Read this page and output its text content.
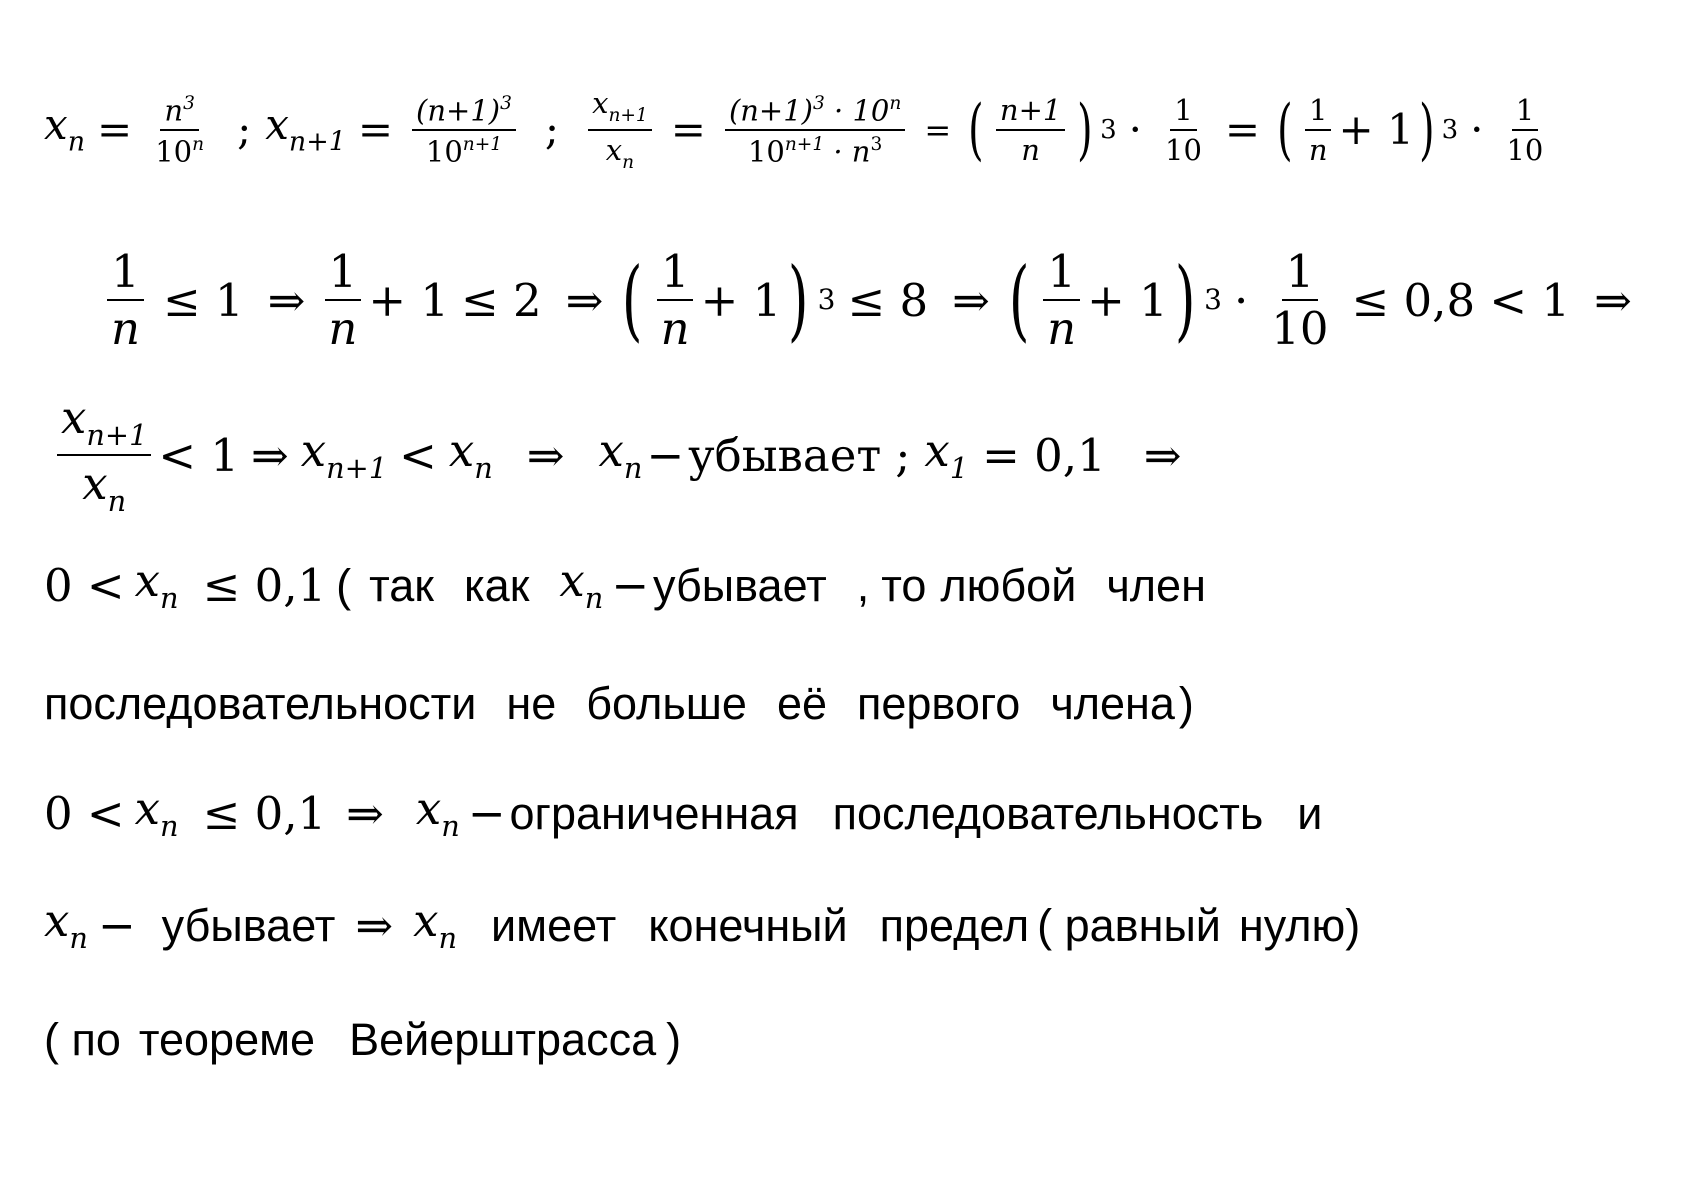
$x_n = \frac{n^3}{10^n}$ ; $x_{n+1} = \frac{(n+1)^3}{10^{n+1}}$ ; $\frac{x_{n+1}}{x_n} = \frac{(n+1)^3 \cdot 10^n}{10^{n+1} \cdot n^3}$ = ( $\frac{n+1}{n}$ ) $3 \cdot \frac{1}{10}$ = ( $\frac{1}{n} + 1$ ) $3 \cdot \frac{1}{10}$
$\frac{1}{n} \le 1$ ⇒ $\frac{1}{n} + 1 \le 2$ ⇒ ( $\frac{1}{n} + 1$ ) 3 ≤ 8 ⇒ ( $\frac{1}{n} + 1$ ) $3 \cdot \frac{1}{10} \le 0,8 < 1$ ⇒
$\frac{x_{n+1}}{x_n} < 1$ ⇒ $x_{n+1} < x_n$ ⇒ $x_n$ − убывает ; $x_1 = 0,1$ ⇒
$0 < x_n \le 0,1$ ( так как $x_n$ − убывает , то любой член
последовательности не больше её первого члена )
$0 < x_n \le 0,1$ ⇒ $x_n$ − ограниченная последовательность и
$x_n$ − убывает ⇒ $x_n$ имеет конечный предел ( равный нулю)
( по теореме Вейерштрасса )
